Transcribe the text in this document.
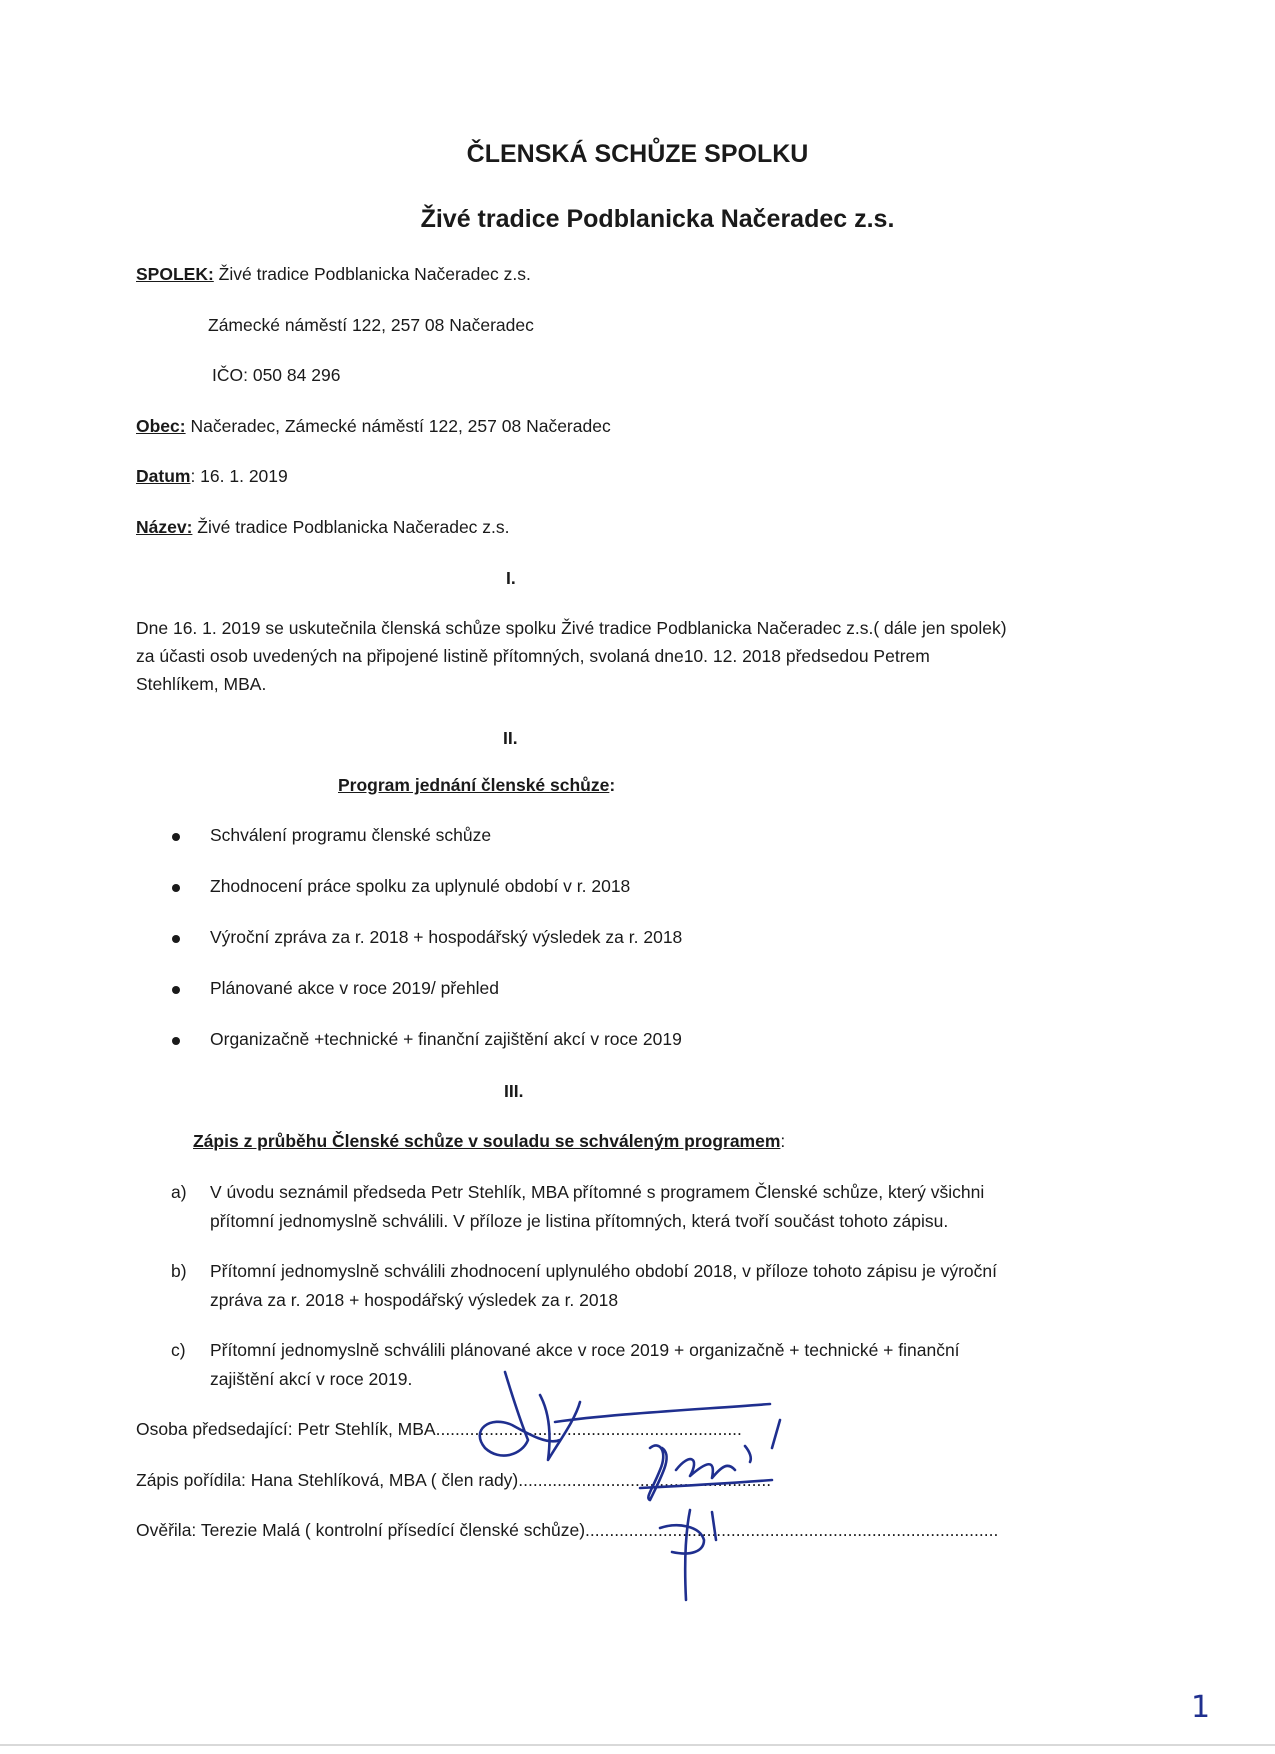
ČLENSKÁ SCHŮZE SPOLKU
Živé tradice Podblanicka Načeradec z.s.
SPOLEK: Živé tradice Podblanicka Načeradec z.s.
Zámecké náměstí 122, 257 08 Načeradec
IČO: 050 84 296
Obec: Načeradec, Zámecké náměstí 122, 257 08 Načeradec
Datum: 16. 1. 2019
Název: Živé tradice Podblanicka Načeradec z.s.
I.
Dne 16. 1. 2019 se uskutečnila členská schůze spolku Živé tradice Podblanicka Načeradec z.s.( dále jen spolek)
za účasti osob uvedených na připojené listině přítomných, svolaná dne10. 12. 2018 předsedou Petrem
Stehlíkem, MBA.
II.
Program jednání členské schůze:
Schválení programu členské schůze
Zhodnocení práce spolku za uplynulé období v r. 2018
Výroční zpráva za r. 2018 + hospodářský výsledek za r. 2018
Plánované akce v roce 2019/ přehled
Organizačně +technické + finanční zajištění akcí v roce 2019
III.
Zápis z průběhu Členské schůze v souladu se schváleným programem:
a) V úvodu seznámil předseda Petr Stehlík, MBA přítomné s programem Členské schůze, který všichni
přítomní jednomyslně schválili. V příloze je listina přítomných, která tvoří součást tohoto zápisu.
b) Přítomní jednomyslně schválili zhodnocení uplynulého období 2018, v příloze tohoto zápisu je výroční
zpráva za r. 2018 + hospodářský výsledek za r. 2018
c) Přítomní jednomyslně schválili plánované akce v roce 2019 + organizačně + technické + finanční
zajištění akcí v roce 2019.
Osoba předsedající: Petr Stehlík, MBA...............................................................
Zápis pořídila: Hana Stehlíková, MBA ( člen rady)....................................................
Ověřila: Terezie Malá ( kontrolní přísedící členské schůze).....................................................................................
1
